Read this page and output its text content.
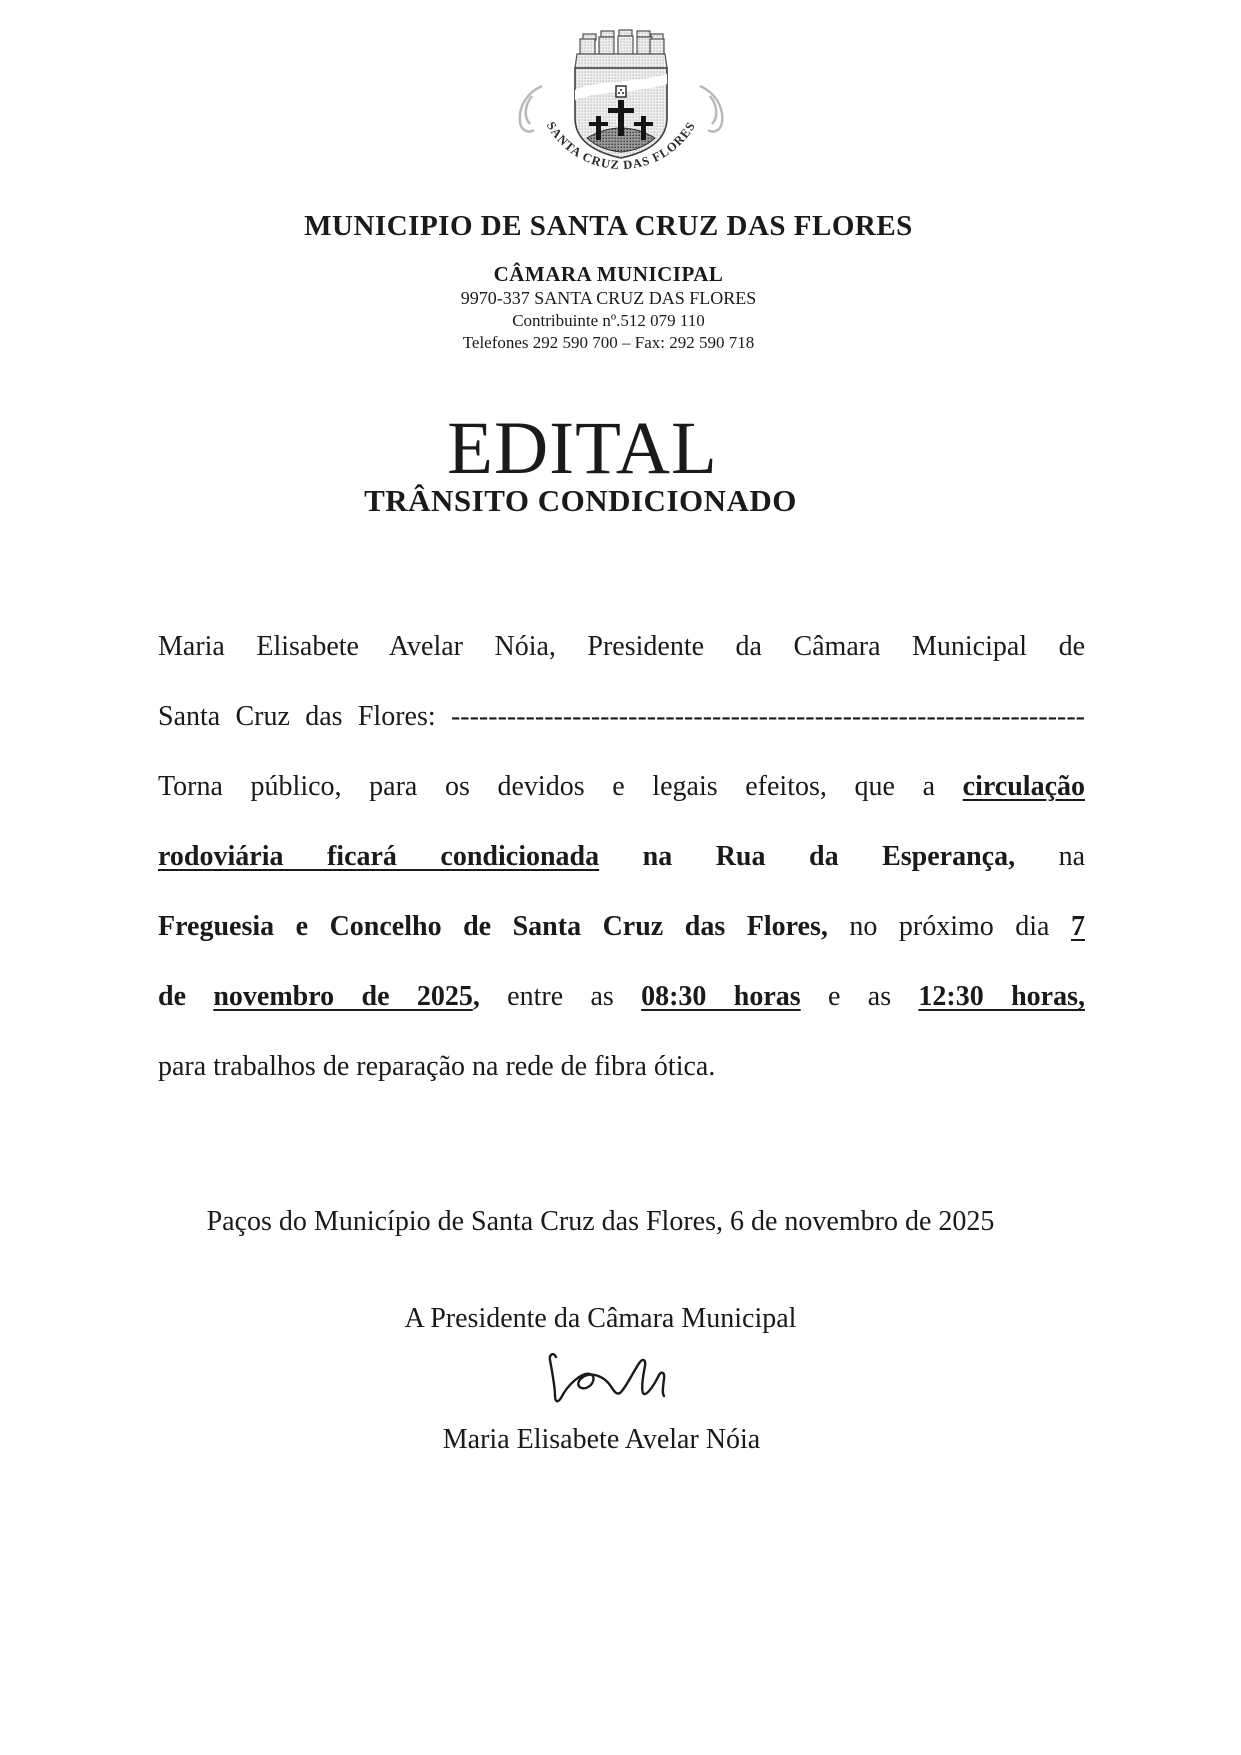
SANTA CRUZ DAS FLORES
MUNICIPIO DE SANTA CRUZ DAS FLORES
CÂMARA MUNICIPAL
9970-337 SANTA CRUZ DAS FLORES
Contribuinte nº.512 079 110
Telefones 292 590 700 – Fax: 292 590 718
EDITAL
TRÂNSITO CONDICIONADO
Maria Elisabete Avelar Nóia, Presidente da Câmara Municipal de
Santa Cruz das Flores: --------------------------------------------------------------------
Torna público, para os devidos e legais efeitos, que a circulação
rodoviária ficará condicionada na Rua da Esperança, na
Freguesia e Concelho de Santa Cruz das Flores, no próximo dia 7
de novembro de 2025, entre as 08:30 horas e as 12:30 horas,
para trabalhos de reparação na rede de fibra ótica.
Paços do Município de Santa Cruz das Flores, 6 de novembro de 2025
A Presidente da Câmara Municipal
Maria Elisabete Avelar Nóia
